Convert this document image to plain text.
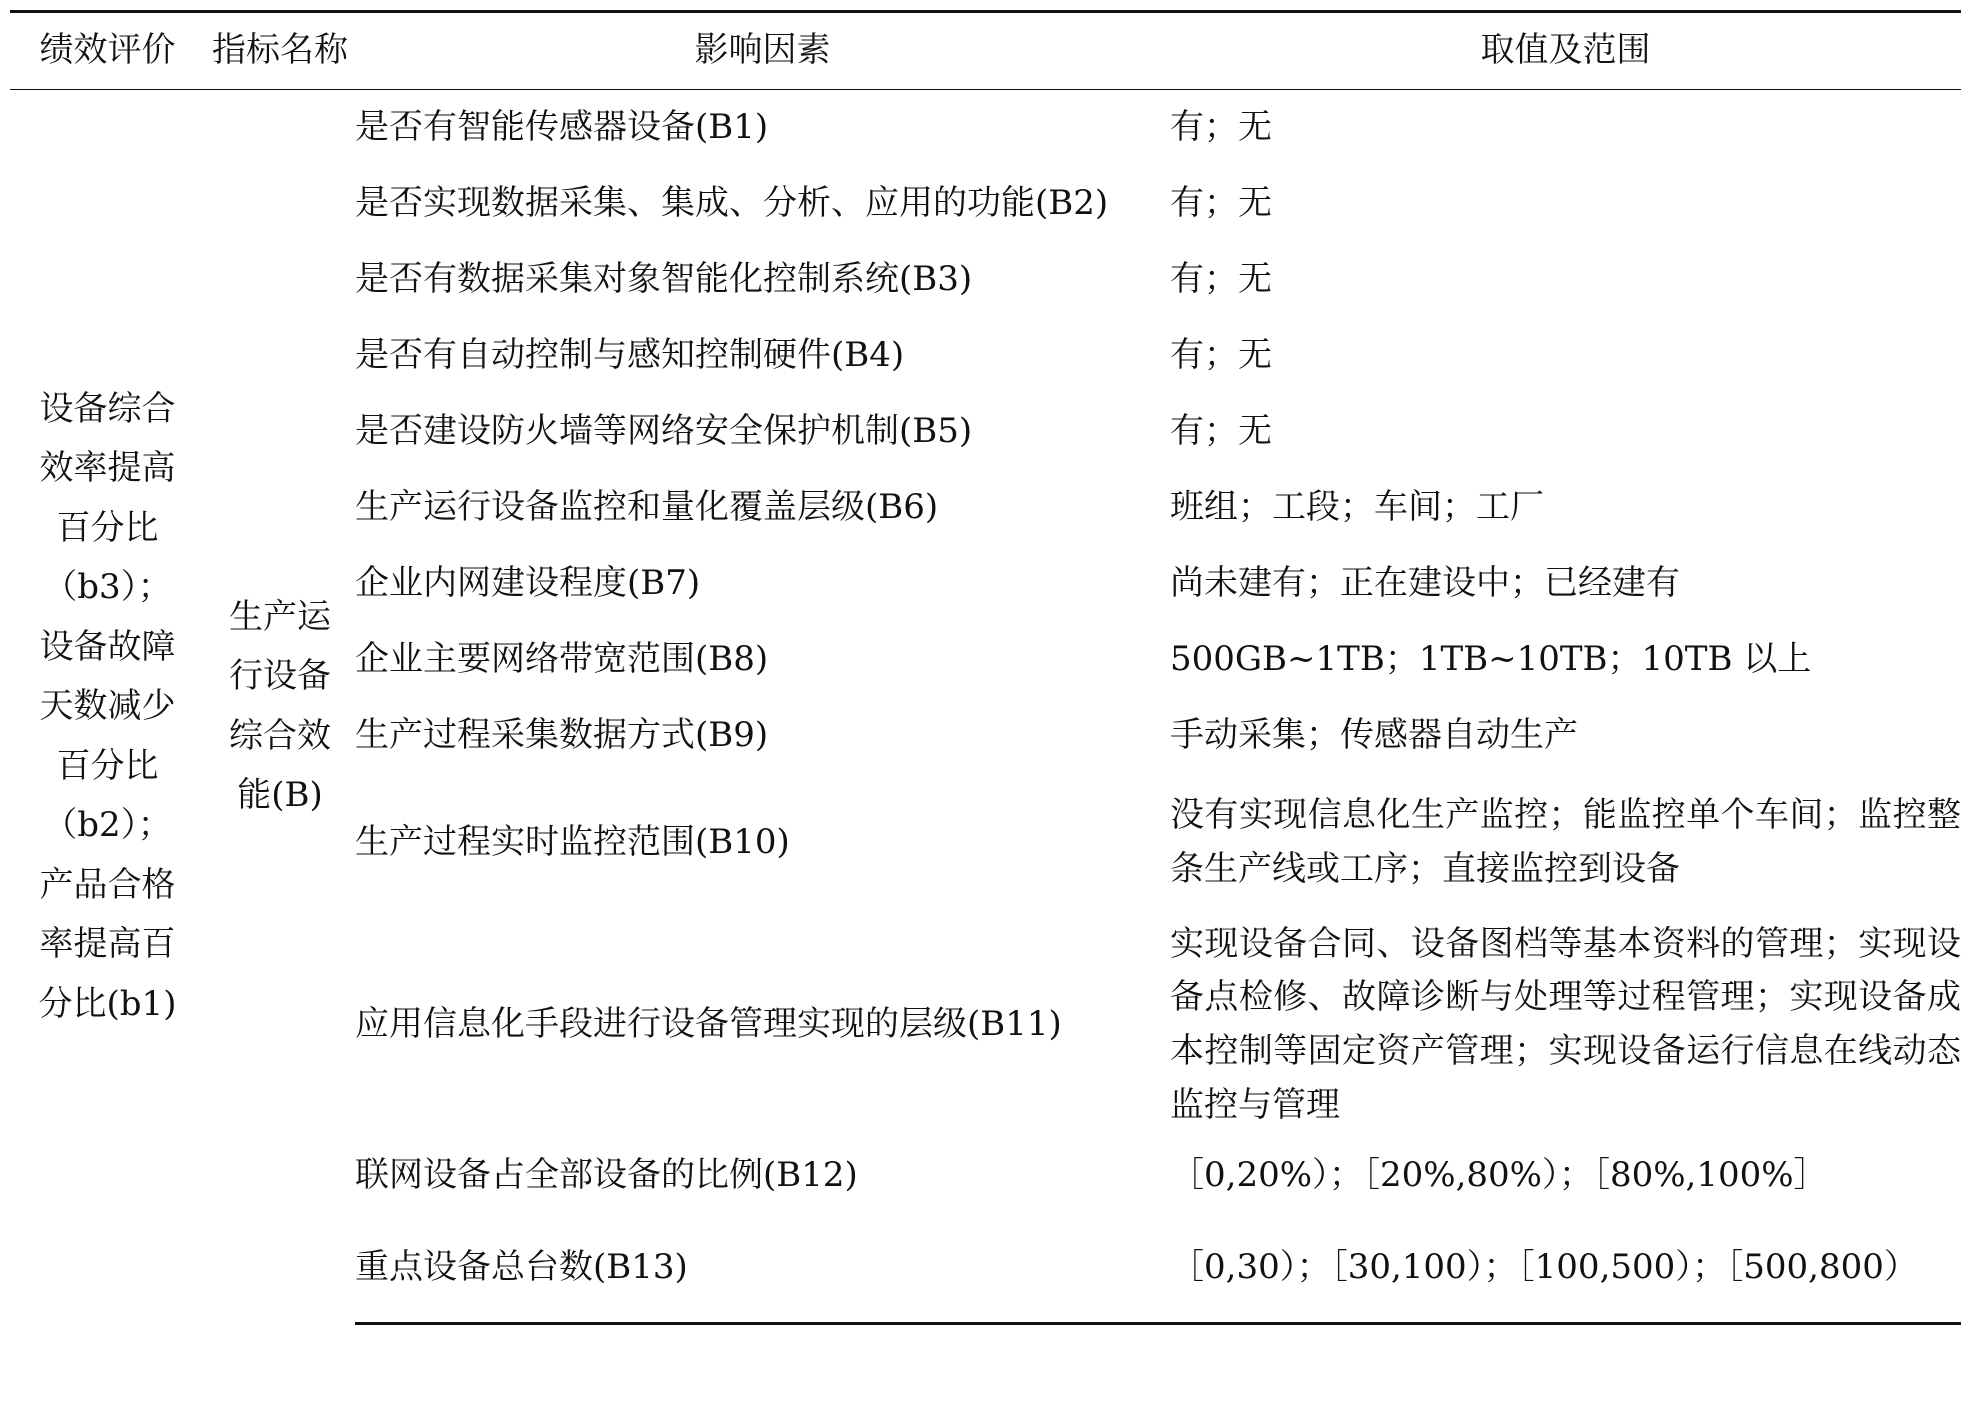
绩效评价	指标名称	影响因素	取值及范围
设备综合效率提高百分比（b3）；设备故障天数减少百分比（b2）；产品合格率提高百分比(b1)	生产运行设备综合效能(B)	是否有智能传感器设备(B1)	有；无
		是否实现数据采集、集成、分析、应用的功能(B2)	有；无
		是否有数据采集对象智能化控制系统(B3)	有；无
		是否有自动控制与感知控制硬件(B4)	有；无
		是否建设防火墙等网络安全保护机制(B5)	有；无
		生产运行设备监控和量化覆盖层级(B6)	班组；工段；车间；工厂
		企业内网建设程度(B7)	尚未建有；正在建设中；已经建有
		企业主要网络带宽范围(B8)	500GB~1TB；1TB~10TB；10TB 以上
		生产过程采集数据方式(B9)	手动采集；传感器自动生产
		生产过程实时监控范围(B10)	没有实现信息化生产监控；能监控单个车间；监控整条生产线或工序；直接监控到设备
		应用信息化手段进行设备管理实现的层级(B11)	实现设备合同、设备图档等基本资料的管理；实现设备点检修、故障诊断与处理等过程管理；实现设备成本控制等固定资产管理；实现设备运行信息在线动态监控与管理
		联网设备占全部设备的比例(B12)	［0,20%）；［20%,80%）；［80%,100%］
		重点设备总台数(B13)	［0,30）；［30,100）；［100,500）；［500,800）
